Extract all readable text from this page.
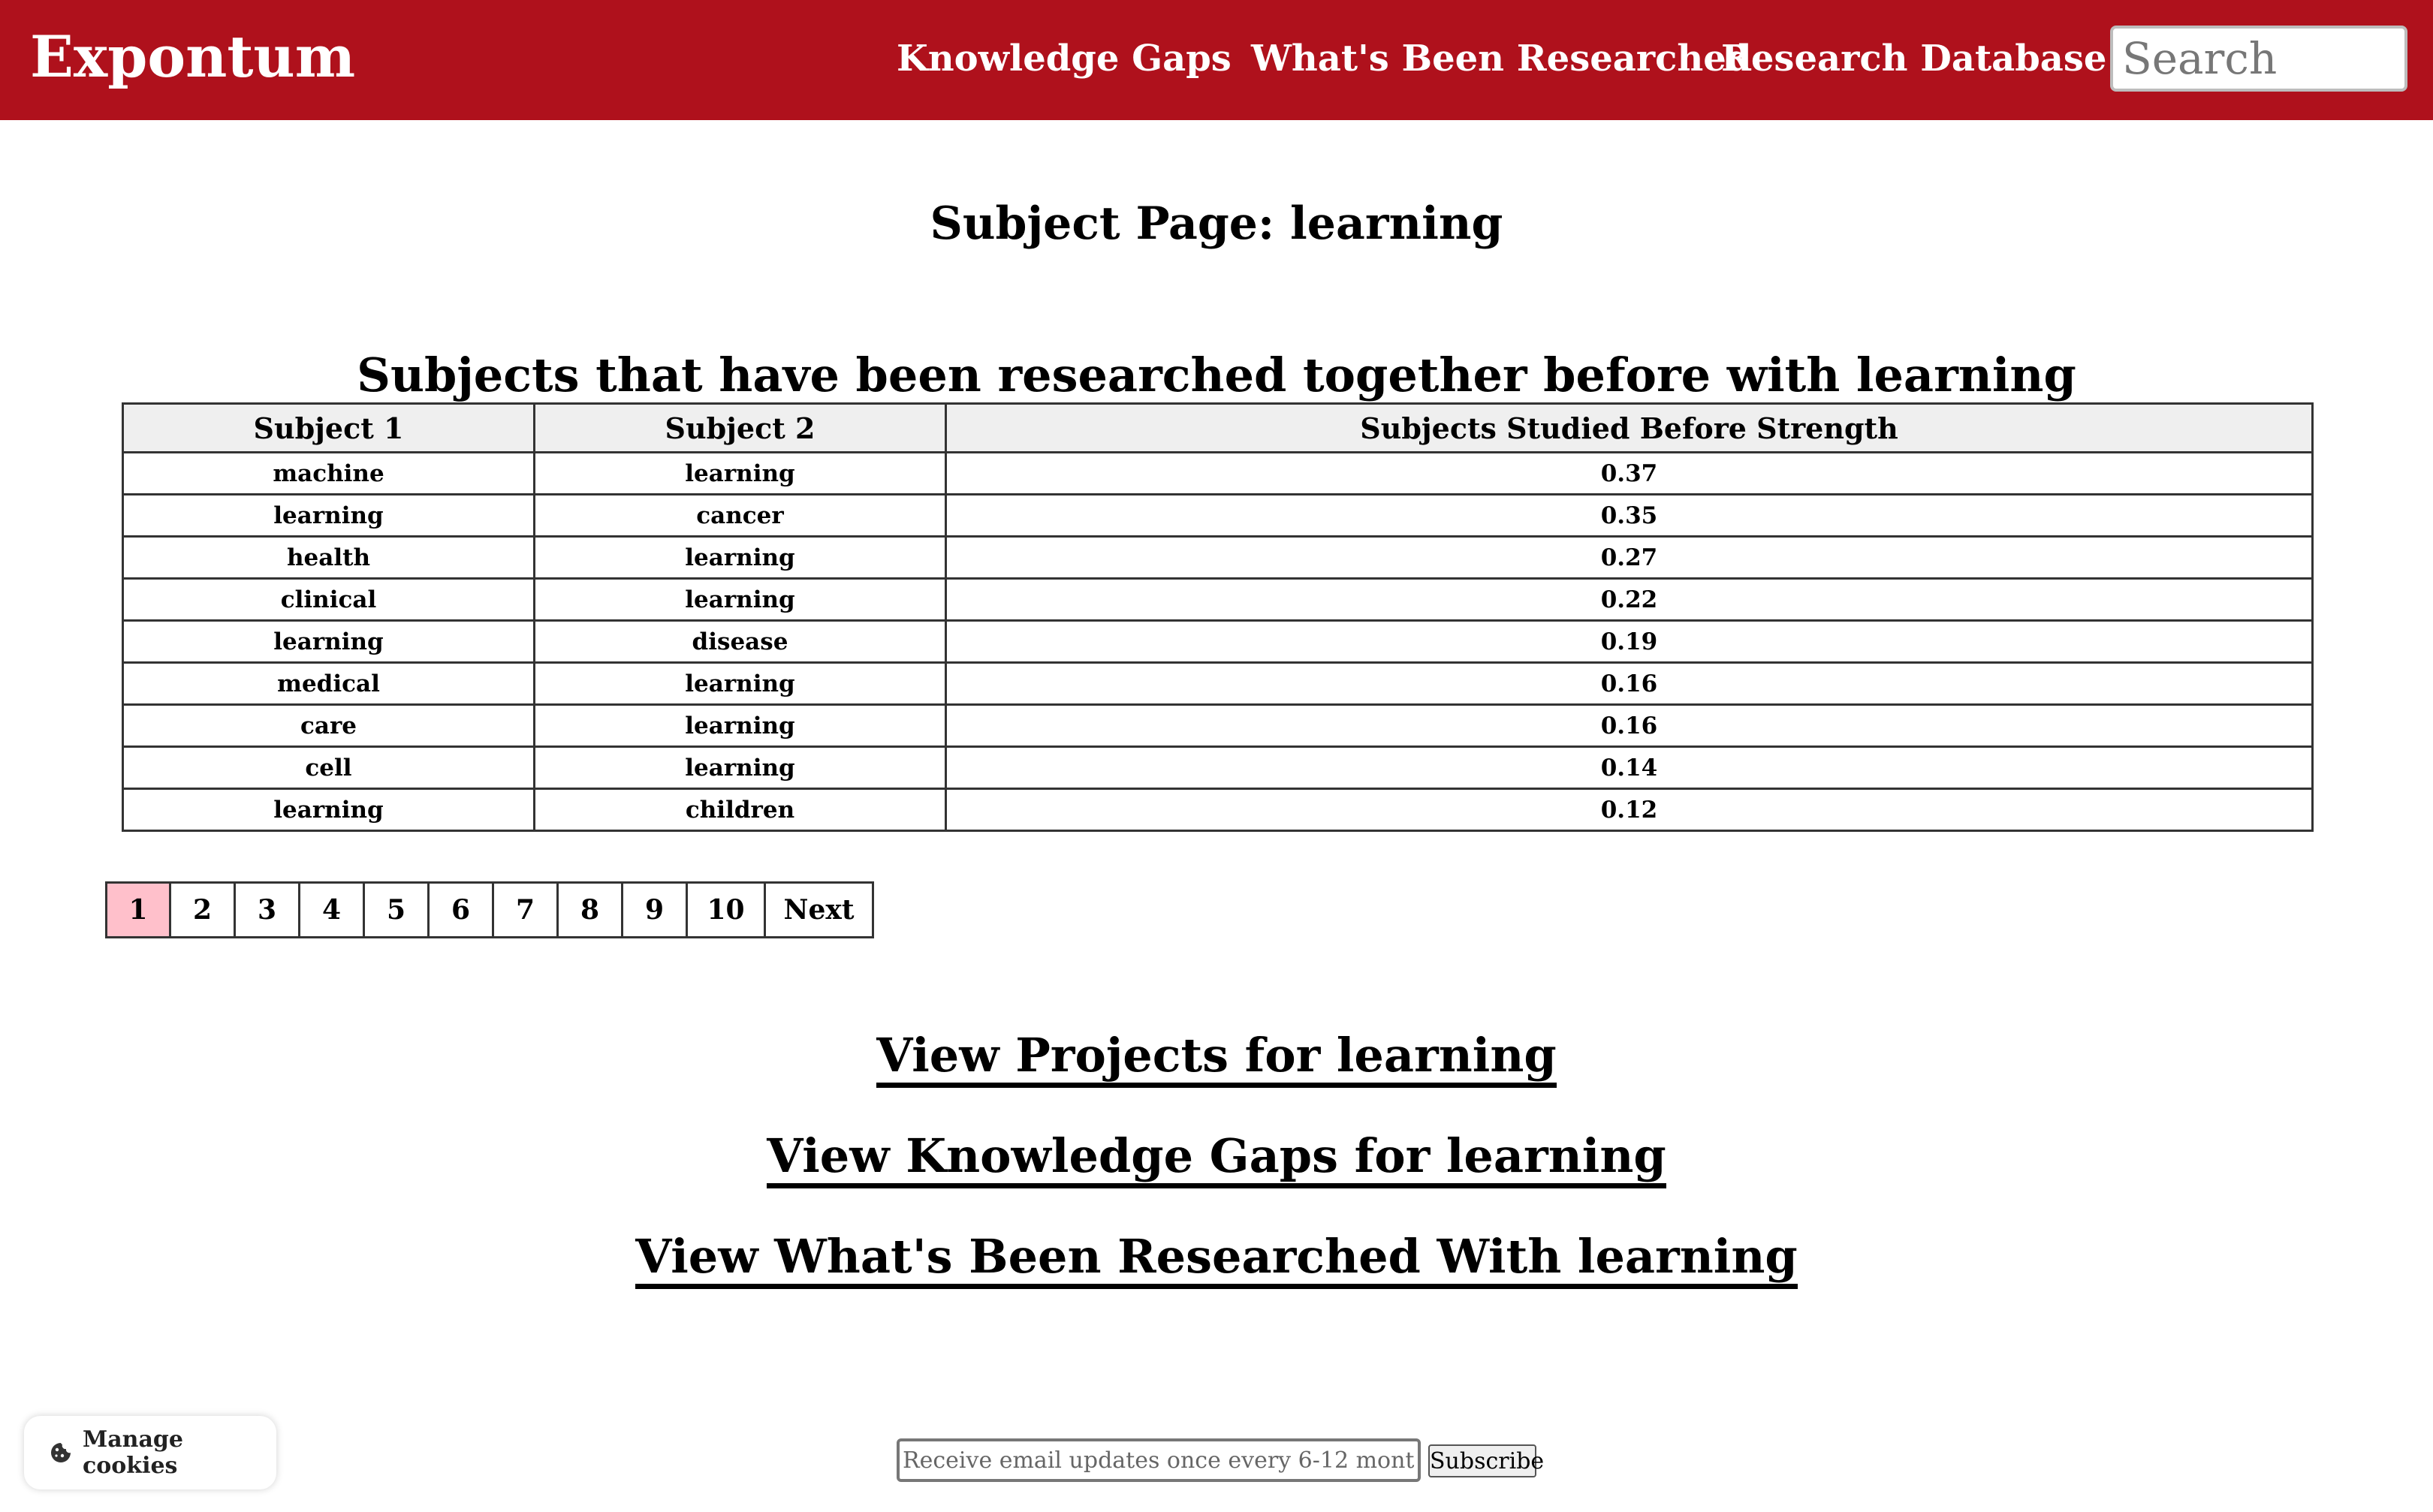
Expontum	Knowledge Gaps What's Been Researched
Research Database
Search
Subject Page: learning
Subjects that have been researched together before with learning
Subject 1	Subject 2	Subjects Studied Before Strength
machine	learning	0.37
learning	cancer	0.35
health	learning	0.27
clinical	learning	0.22
learning	disease	0.19
medical	learning	0.16
care	learning	0.16
cell	learning	0.14
learning	children	0.12
1	2	3	4	5	6	7	8	9	10	Next

View Projects for learning

View Knowledge Gaps for learning

View What's Been Researched With learning

Manage cookies
Receive email updates once every 6-12 months.	Subscribe
